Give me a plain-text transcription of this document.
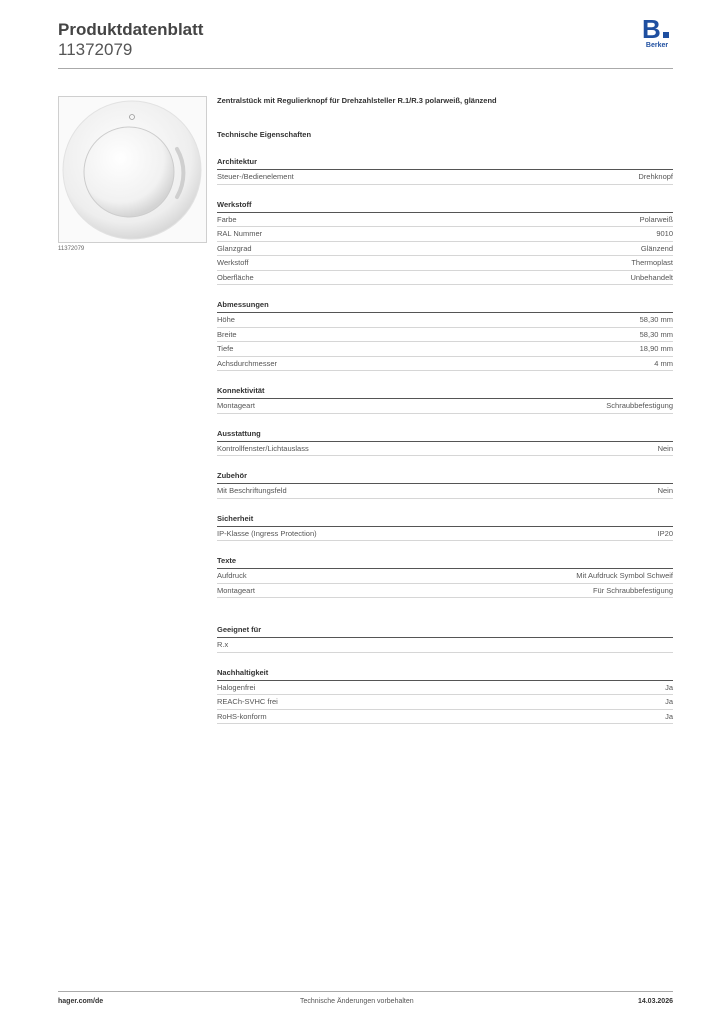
Produktdatenblatt
11372079
B
Berker
11372079
Zentralstück mit Regulierknopf für Drehzahlsteller R.1/R.3 polarweiß, glänzend
Technische Eigenschaften
Architektur
Steuer-/Bedienelement	Drehknopf
Werkstoff
Farbe	Polarweiß
RAL Nummer	9010
Glanzgrad	Glänzend
Werkstoff	Thermoplast
Oberfläche	Unbehandelt
Abmessungen
Höhe	58,30 mm
Breite	58,30 mm
Tiefe	18,90 mm
Achsdurchmesser	4 mm
Konnektivität
Montageart	Schraubbefestigung
Ausstattung
Kontrollfenster/Lichtauslass	Nein
Zubehör
Mit Beschriftungsfeld	Nein
Sicherheit
IP-Klasse (Ingress Protection)	IP20
Texte
Aufdruck	Mit Aufdruck Symbol Schweif
Montageart	Für Schraubbefestigung
Geeignet für
R.x
Nachhaltigkeit
Halogenfrei	Ja
REACh-SVHC frei	Ja
RoHS-konform	Ja
hager.com/de	Technische Änderungen vorbehalten	14.03.2026
